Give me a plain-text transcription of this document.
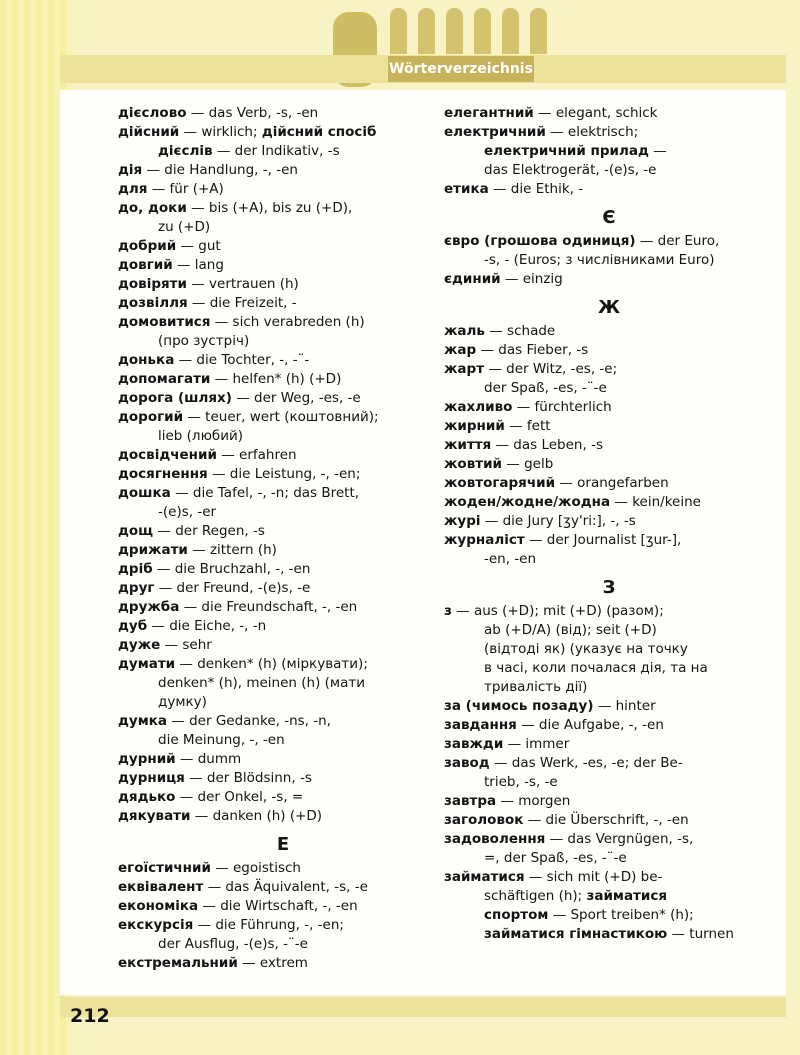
Wörterverzeichnis
дієслово — das Verb, -s, -en
дійсний — wirklich; дійсний спосіб
дієслів — der Indikativ, -s
дія — die Handlung, -, -en
для — für (+A)
до, доки — bis (+A), bis zu (+D),
zu (+D)
добрий — gut
довгий — lang
довіряти — vertrauen (h)
дозвілля — die Freizeit, -
домовитися — sich verabreden (h)
(про зустріч)
донька — die Tochter, -, -¨-
допомагати — helfen* (h) (+D)
дорога (шлях) — der Weg, -es, -e
дорогий — teuer, wert (коштовний);
lieb (любий)
досвідчений — erfahren
досягнення — die Leistung, -, -en;
дошка — die Tafel, -, -n; das Brett,
-(e)s, -er
дощ — der Regen, -s
дрижати — zittern (h)
дріб — die Bruchzahl, -, -en
друг — der Freund, -(e)s, -e
дружба — die Freundschaft, -, -en
дуб — die Eiche, -, -n
дуже — sehr
думати — denken* (h) (міркувати);
denken* (h), meinen (h) (мати
думку)
думка — der Gedanke, -ns, -n,
die Meinung, -, -en
дурний — dumm
дурниця — der Blödsinn, -s
дядько — der Onkel, -s, =
дякувати — danken (h) (+D)
Е
егоїстичний — egoistisch
еквівалент — das Äquivalent, -s, -e
економіка — die Wirtschaft, -, -en
екскурсія — die Führung, -, -en;
der Ausflug, -(e)s, -¨-e
екстремальний — extrem
елегантний — elegant, schick
електричний — elektrisch;
електричний прилад —
das Elektrogerät, -(e)s, -e
етика — die Ethik, -
Є
євро (грошова одиниця) — der Euro,
-s, - (Euros; з числівниками Euro)
єдиний — einzig
Ж
жаль — schade
жар — das Fieber, -s
жарт — der Witz, -es, -e;
der Spaß, -es, -¨-e
жахливо — fürchterlich
жирний — fett
життя — das Leben, -s
жовтий — gelb
жовтогарячий — orangefarben
жоден/жодне/жодна — kein/keine
журі — die Jury [ʒy'ri:], -, -s
журналіст — der Journalist [ʒur-],
-en, -en
З
з — aus (+D); mit (+D) (разом);
ab (+D/A) (від); seit (+D)
(відтоді як) (указує на точку
в часі, коли почалася дія, та на
тривалість дії)
за (чимось позаду) — hinter
завдання — die Aufgabe, -, -en
завжди — immer
завод — das Werk, -es, -e; der Be-
trieb, -s, -e
завтра — morgen
заголовок — die Überschrift, -, -en
задоволення — das Vergnügen, -s,
=, der Spaß, -es, -¨-e
займатися — sich mit (+D) be-
schäftigen (h); займатися
спортом — Sport treiben* (h);
займатися гімнастикою — turnen
212
